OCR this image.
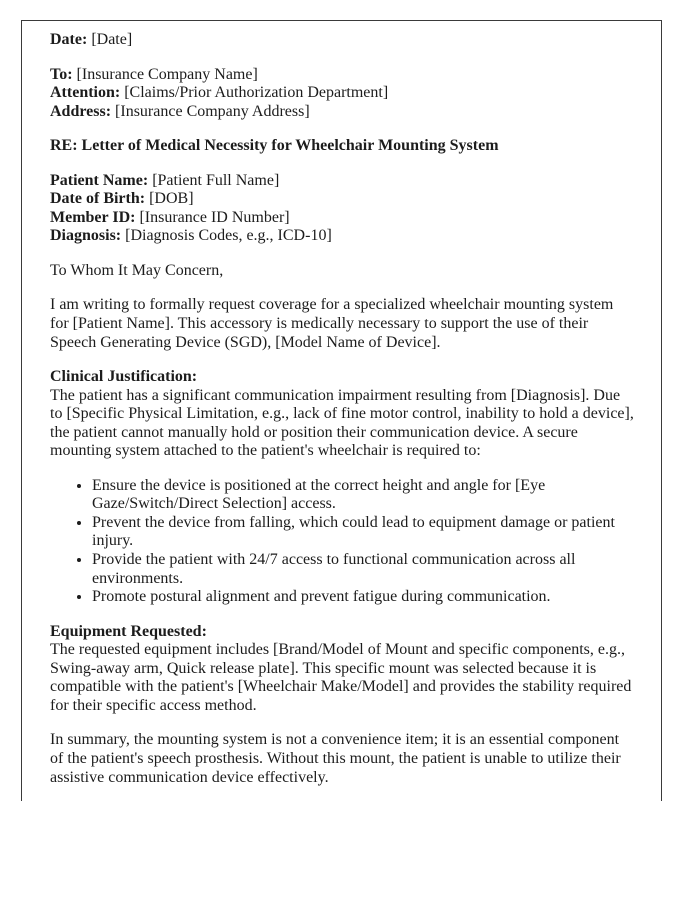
Date: [Date]

To: [Insurance Company Name]

Attention: [Claims/Prior Authorization Department]

Address: [Insurance Company Address]

RE: Letter of Medical Necessity for Wheelchair Mounting System

Patient Name: [Patient Full Name]

Date of Birth: [DOB]

Member ID: [Insurance ID Number]

Diagnosis: [Diagnosis Codes, e.g., ICD-10]

To Whom It May Concern,

I am writing to formally request coverage for a specialized wheelchair mounting system for [Patient Name]. This accessory is medically necessary to support the use of their Speech Generating Device (SGD), [Model Name of Device].

Clinical Justification:
The patient has a significant communication impairment resulting from [Diagnosis]. Due to [Specific Physical Limitation, e.g., lack of fine motor control, inability to hold a device], the patient cannot manually hold or position their communication device. A secure mounting system attached to the patient's wheelchair is required to:

• Ensure the device is positioned at the correct height and angle for [Eye Gaze/Switch/Direct Selection] access.
• Prevent the device from falling, which could lead to equipment damage or patient injury.
• Provide the patient with 24/7 access to functional communication across all environments.
• Promote postural alignment and prevent fatigue during communication.

Equipment Requested:
The requested equipment includes [Brand/Model of Mount and specific components, e.g., Swing-away arm, Quick release plate]. This specific mount was selected because it is compatible with the patient's [Wheelchair Make/Model] and provides the stability required for their specific access method.

In summary, the mounting system is not a convenience item; it is an essential component of the patient's speech prosthesis. Without this mount, the patient is unable to utilize their assistive communication device effectively.
